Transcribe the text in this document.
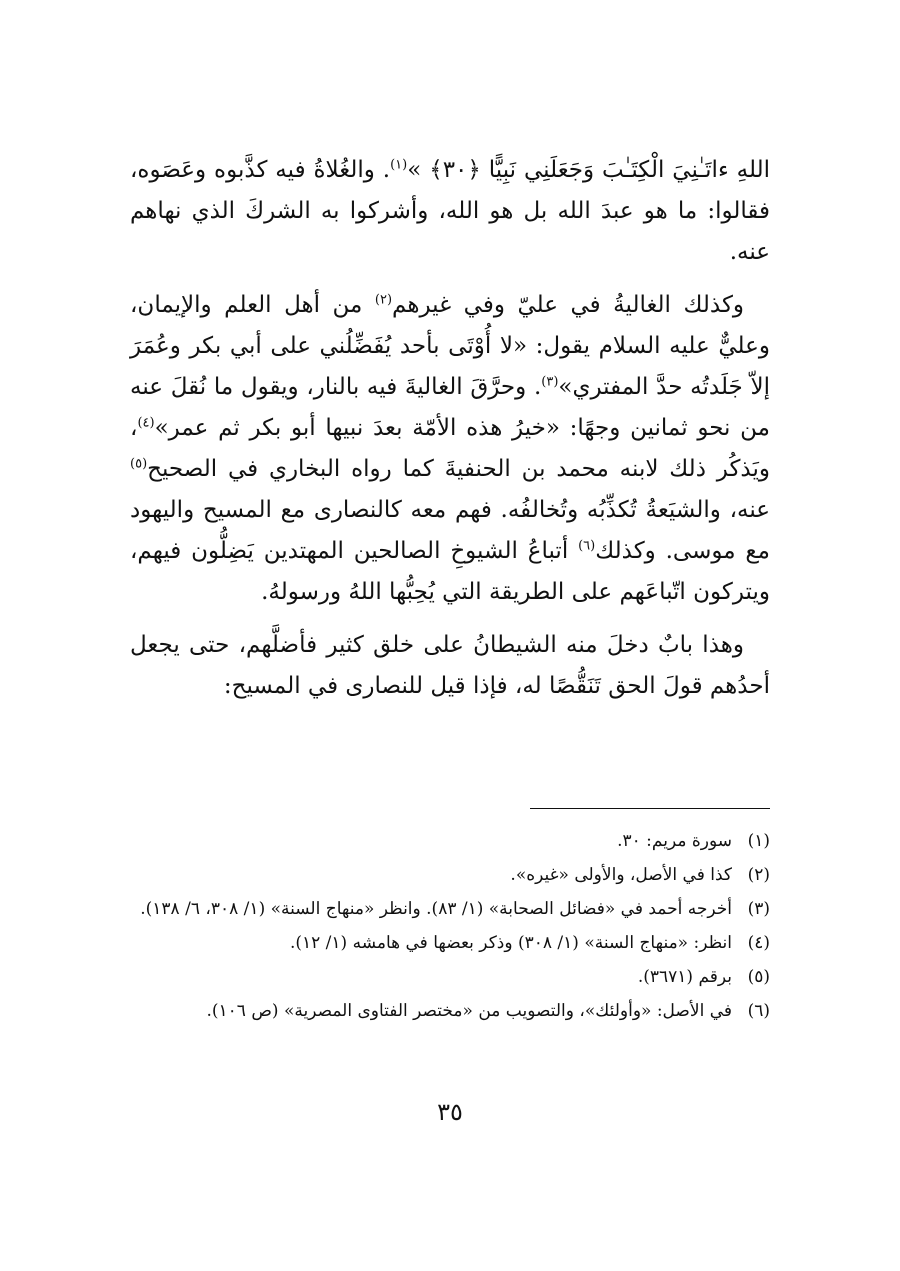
اللهِ ءاتَـٰنِيَ الْكِتَـٰبَ وَجَعَلَنِي نَبِيًّا ﴿٣٠﴾ »$^{(١)}$. والغُلاةُ فيه كذَّبوه وعَصَوه، فقالوا: ما هو عبدَ الله بل هو الله، وأشركوا به الشركَ الذي نهاهم عنه.

وكذلك الغاليةُ في عليّ وفي غيرهم$^{(٢)}$ من أهل العلم والإيمان، وعليٌّ عليه السلام يقول: «لا أُوْتَى بأحد يُفَضِّلُني على أبي بكر وعُمَرَ إلاّ جَلَدتُه حدَّ المفتري»$^{(٣)}$. وحرَّقَ الغاليةَ فيه بالنار، ويقول ما نُقلَ عنه من نحو ثمانين وجهًا: «خيرُ هذه الأمّة بعدَ نبيها أبو بكر ثم عمر»$^{(٤)}$، ويَذكُر ذلك لابنه محمد بن الحنفيةَ كما رواه البخاري في الصحيح$^{(٥)}$ عنه، والشيَعةُ تُكذِّبُه وتُخالفُه. فهم معه كالنصارى مع المسيح واليهود مع موسى. وكذلك$^{(٦)}$ أتباعُ الشيوخِ الصالحين المهتدين يَضِلُّون فيهم، ويتركون اتّباعَهم على الطريقة التي يُحِبُّها اللهُ ورسولهُ.

وهذا بابٌ دخلَ منه الشيطانُ على خلق كثير فأضلَّهم، حتى يجعل أحدُهم قولَ الحق تَنَقُّصًا له، فإذا قيل للنصارى في المسيح:

(١)
سورة مريم: ٣٠.
(٢)
كذا في الأصل، والأولى «غيره».
(٣)
أخرجه أحمد في «فضائل الصحابة» (١/ ٨٣). وانظر «منهاج السنة» (١/ ٣٠٨، ٦/ ١٣٨).
(٤)
انظر: «منهاج السنة» (١/ ٣٠٨) وذكر بعضها في هامشه (١/ ١٢).
(٥)
برقم (٣٦٧١).
(٦)
في الأصل: «وأولئك»، والتصويب من «مختصر الفتاوى المصرية» (ص ١٠٦).
٣٥
